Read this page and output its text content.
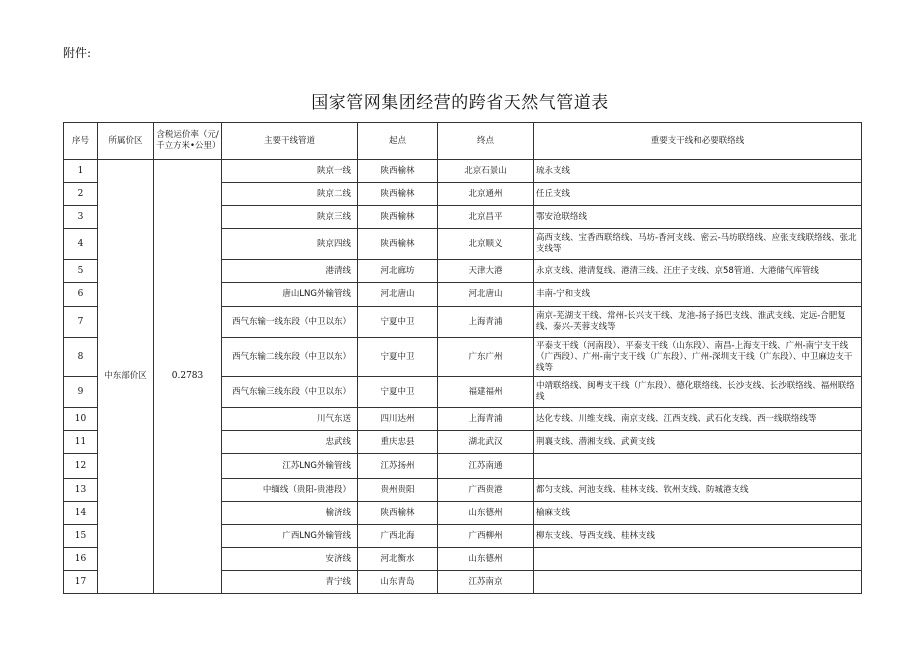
附件:
国家管网集团经营的跨省天然气管道表
序号	所属价区	含税运价率（元/千立方米•公里）	主要干线管道	起点	终点	重要支干线和必要联络线
1	中东部价区	0.2783	陕京一线	陕西榆林	北京石景山	琉永支线
2			陕京二线	陕西榆林	北京通州	任丘支线
3			陕京三线	陕西榆林	北京昌平	鄂安沧联络线
4			陕京四线	陕西榆林	北京顺义	高西支线、宝香西联络线、马坊-香河支线、密云-马坊联络线、应张支线联络线、张北支线等
5			港清线	河北廊坊	天津大港	永京支线、港清复线、港清三线、汪庄子支线、京58管道、大港储气库管线
6			唐山LNG外输管线	河北唐山	河北唐山	丰南-宁和支线
7			西气东输一线东段（中卫以东）	宁夏中卫	上海青浦	南京-芜湖支干线、常州-长兴支干线、龙池-扬子扬巴支线、淮武支线、定远-合肥复线、泰兴-芙蓉支线等
8			西气东输二线东段（中卫以东）	宁夏中卫	广东广州	平泰支干线（河南段）、平泰支干线（山东段）、南昌-上海支干线、广州-南宁支干线（广西段）、广州-南宁支干线（广东段）、广州-深圳支干线（广东段）、中卫麻边支干线等
9			西气东输三线东段（中卫以东）	宁夏中卫	福建福州	中靖联络线、闽粤支干线（广东段）、德化联络线、长沙支线、长沙联络线、福州联络线
10			川气东送	四川达州	上海青浦	达化专线、川维支线、南京支线、江西支线、武石化支线、西一线联络线等
11			忠武线	重庆忠县	湖北武汉	荆襄支线、潜湘支线、武黄支线
12			江苏LNG外输管线	江苏扬州	江苏南通	
13			中缅线（贵阳-贵港段）	贵州贵阳	广西贵港	都匀支线、河池支线、桂林支线、钦州支线、防城港支线
14			榆济线	陕西榆林	山东德州	榆麻支线
15			广西LNG外输管线	广西北海	广西柳州	柳东支线、导西支线、桂林支线
16			安济线	河北衡水	山东德州	
17			青宁线	山东青岛	江苏南京	
